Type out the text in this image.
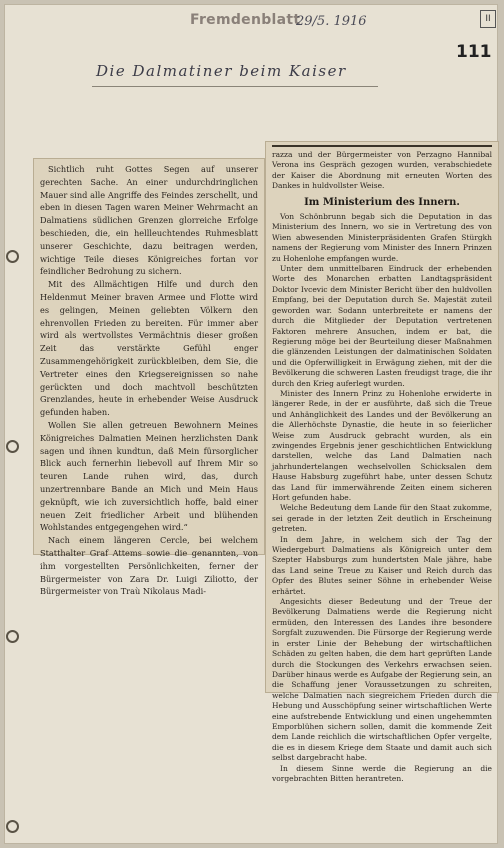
II
Fremdenblatt
29/5. 1916
111
Die Dalmatiner beim Kaiser

Sichtlich ruht Gottes Segen auf unserer gerechten Sache. An einer undurchdringlichen Mauer sind alle Angriffe des Feindes zerschellt, und eben in diesen Tagen waren Meiner Wehrmacht an Dalmatiens südlichen Grenzen glorreiche Erfolge beschieden, die, ein hellleuchtendes Ruhmesblatt unserer Geschichte, dazu beitragen werden, wichtige Teile dieses Königreiches fortan vor feindlicher Bedrohung zu sichern.

Mit des Allmächtigen Hilfe und durch den Heldenmut Meiner braven Armee und Flotte wird es gelingen, Meinen geliebten Völkern den ehrenvollen Frieden zu bereiten. Für immer aber wird als wertvollstes Vermächtnis dieser großen Zeit das verstärkte Gefühl enger Zusammengehörigkeit zurückbleiben, dem Sie, die Vertreter eines den Kriegsereignissen so nahe gerückten und doch machtvoll beschützten Grenzlandes, heute in erhebender Weise Ausdruck gefunden haben.

Wollen Sie allen getreuen Bewohnern Meines Königreiches Dalmatien Meinen herzlichsten Dank sagen und ihnen kundtun, daß Mein fürsorglicher Blick auch fernerhin liebevoll auf Ihrem Mir so teuren Lande ruhen wird, das, durch unzertrennbare Bande an Mich und Mein Haus geknüpft, wie ich zuversichtlich hoffe, bald einer neuen Zeit friedlicher Arbeit und blühenden Wohlstandes entgegengehen wird.“

Nach einem längeren Cercle, bei welchem Statthalter Graf Attems sowie die genannten, von ihm vorgestellten Persönlichkeiten, ferner der Bürgermeister von Zara Dr. Luigi Ziliotto, der Bürgermeister von Traù Nikolaus Madi-

razza und der Bürgermeister von Perzagno Hannibal Verona ins Gespräch gezogen wurden, verabschiedete der Kaiser die Abordnung mit erneuten Worten des Dankes in huldvollster Weise.

Im Ministerium des Innern.

Von Schönbrunn begab sich die Deputation in das Ministerium des Innern, wo sie in Vertretung des von Wien abwesenden Ministerpräsidenten Grafen Stürgkh namens der Regierung vom Minister des Innern Prinzen zu Hohenlohe empfangen wurde.

Unter dem unmittelbaren Eindruck der erhebenden Worte des Monarchen erbatten Landtagspräsident Doktor Ivcevic dem Minister Bericht über den huldvollen Empfang, bei der Deputation durch Se. Majestät zuteil geworden war. Sodann unterbreitete er namens der durch die Mitglieder der Deputation vertretenen Faktoren mehrere Ansuchen, indem er bat, die Regierung möge bei der Beurteilung dieser Maßnahmen die glänzenden Leistungen der dalmatinischen Soldaten und die Opferwilligkeit in Erwägung ziehen, mit der die Bevölkerung die schweren Lasten freudigst trage, die ihr durch den Krieg auferlegt wurden.

Minister des Innern Prinz zu Hohenlohe erwiderte in längerer Rede, in der er ausführte, daß sich die Treue und Anhänglichkeit des Landes und der Bevölkerung an die Allerhöchste Dynastie, die heute in so feierlicher Weise zum Ausdruck gebracht wurden, als ein zwingendes Ergebnis jener geschichtlichen Entwicklung darstellen, welche das Land Dalmatien nach jahrhundertelangen wechselvollen Schicksalen dem Hause Habsburg zugeführt habe, unter dessen Schutz das Land für immerwährende Zeiten einem sicheren Hort gefunden habe.

Welche Bedeutung dem Lande für den Staat zukomme, sei gerade in der letzten Zeit deutlich in Erscheinung getreten.

In dem Jahre, in welchem sich der Tag der Wiedergeburt Dalmatiens als Königreich unter dem Szepter Habsburgs zum hundertsten Male jähre, habe das Land seine Treue zu Kaiser und Reich durch das Opfer des Blutes seiner Söhne in erhebender Weise erhärtet.

Angesichts dieser Bedeutung und der Treue der Bevölkerung Dalmatiens werde die Regierung nicht ermüden, den Interessen des Landes ihre besondere Sorgfalt zuzuwenden. Die Fürsorge der Regierung werde in erster Linie der Behebung der wirtschaftlichen Schäden zu gelten haben, die dem hart geprüften Lande durch die Stockungen des Verkehrs erwachsen seien. Darüber hinaus werde es Aufgabe der Regierung sein, an die Schaffung jener Voraussetzungen zu schreiten, welche Dalmatien nach siegreichem Frieden durch die Hebung und Ausschöpfung seiner wirtschaftlichen Werte eine aufstrebende Entwicklung und einen ungehemmten Emporblühen sichern sollen, damit die kommende Zeit dem Lande reichlich die wirtschaftlichen Opfer vergelte, die es in diesem Kriege dem Staate und damit auch sich selbst dargebracht habe.

In diesem Sinne werde die Regierung an die vorgebrachten Bitten herantreten.
